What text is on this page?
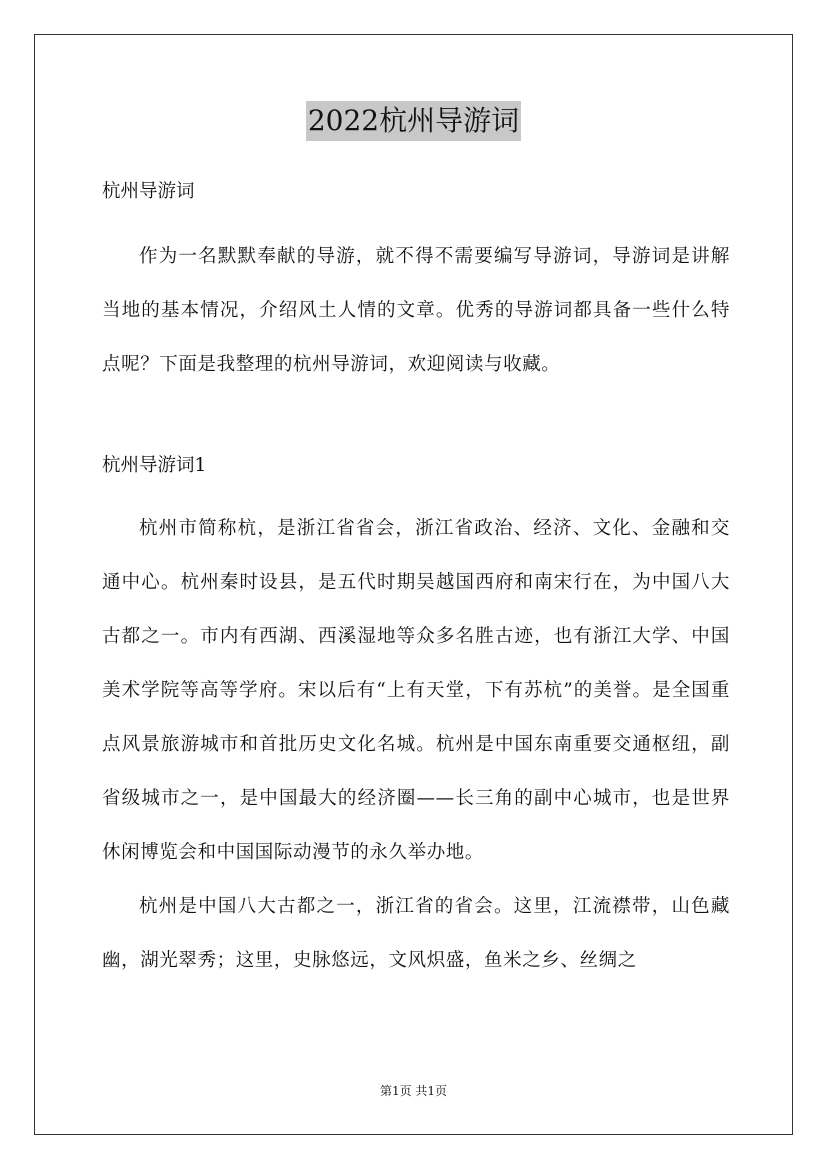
2022杭州导游词

杭州导游词

作为一名默默奉献的导游，就不得不需要编写导游词，导游词是讲解当地的基本情况，介绍风土人情的文章。优秀的导游词都具备一些什么特点呢？下面是我整理的杭州导游词，欢迎阅读与收藏。

杭州导游词1

杭州市简称杭，是浙江省省会，浙江省政治、经济、文化、金融和交通中心。杭州秦时设县，是五代时期吴越国西府和南宋行在，为中国八大古都之一。市内有西湖、西溪湿地等众多名胜古迹，也有浙江大学、中国美术学院等高等学府。宋以后有“上有天堂，下有苏杭”的美誉。是全国重点风景旅游城市和首批历史文化名城。杭州是中国东南重要交通枢纽，副省级城市之一，是中国最大的经济圈——长三角的副中心城市，也是世界休闲博览会和中国国际动漫节的永久举办地。

杭州是中国八大古都之一，浙江省的省会。这里，江流襟带，山色藏幽，湖光翠秀；这里，史脉悠远，文风炽盛，鱼米之乡、丝绸之

第1页 共1页
